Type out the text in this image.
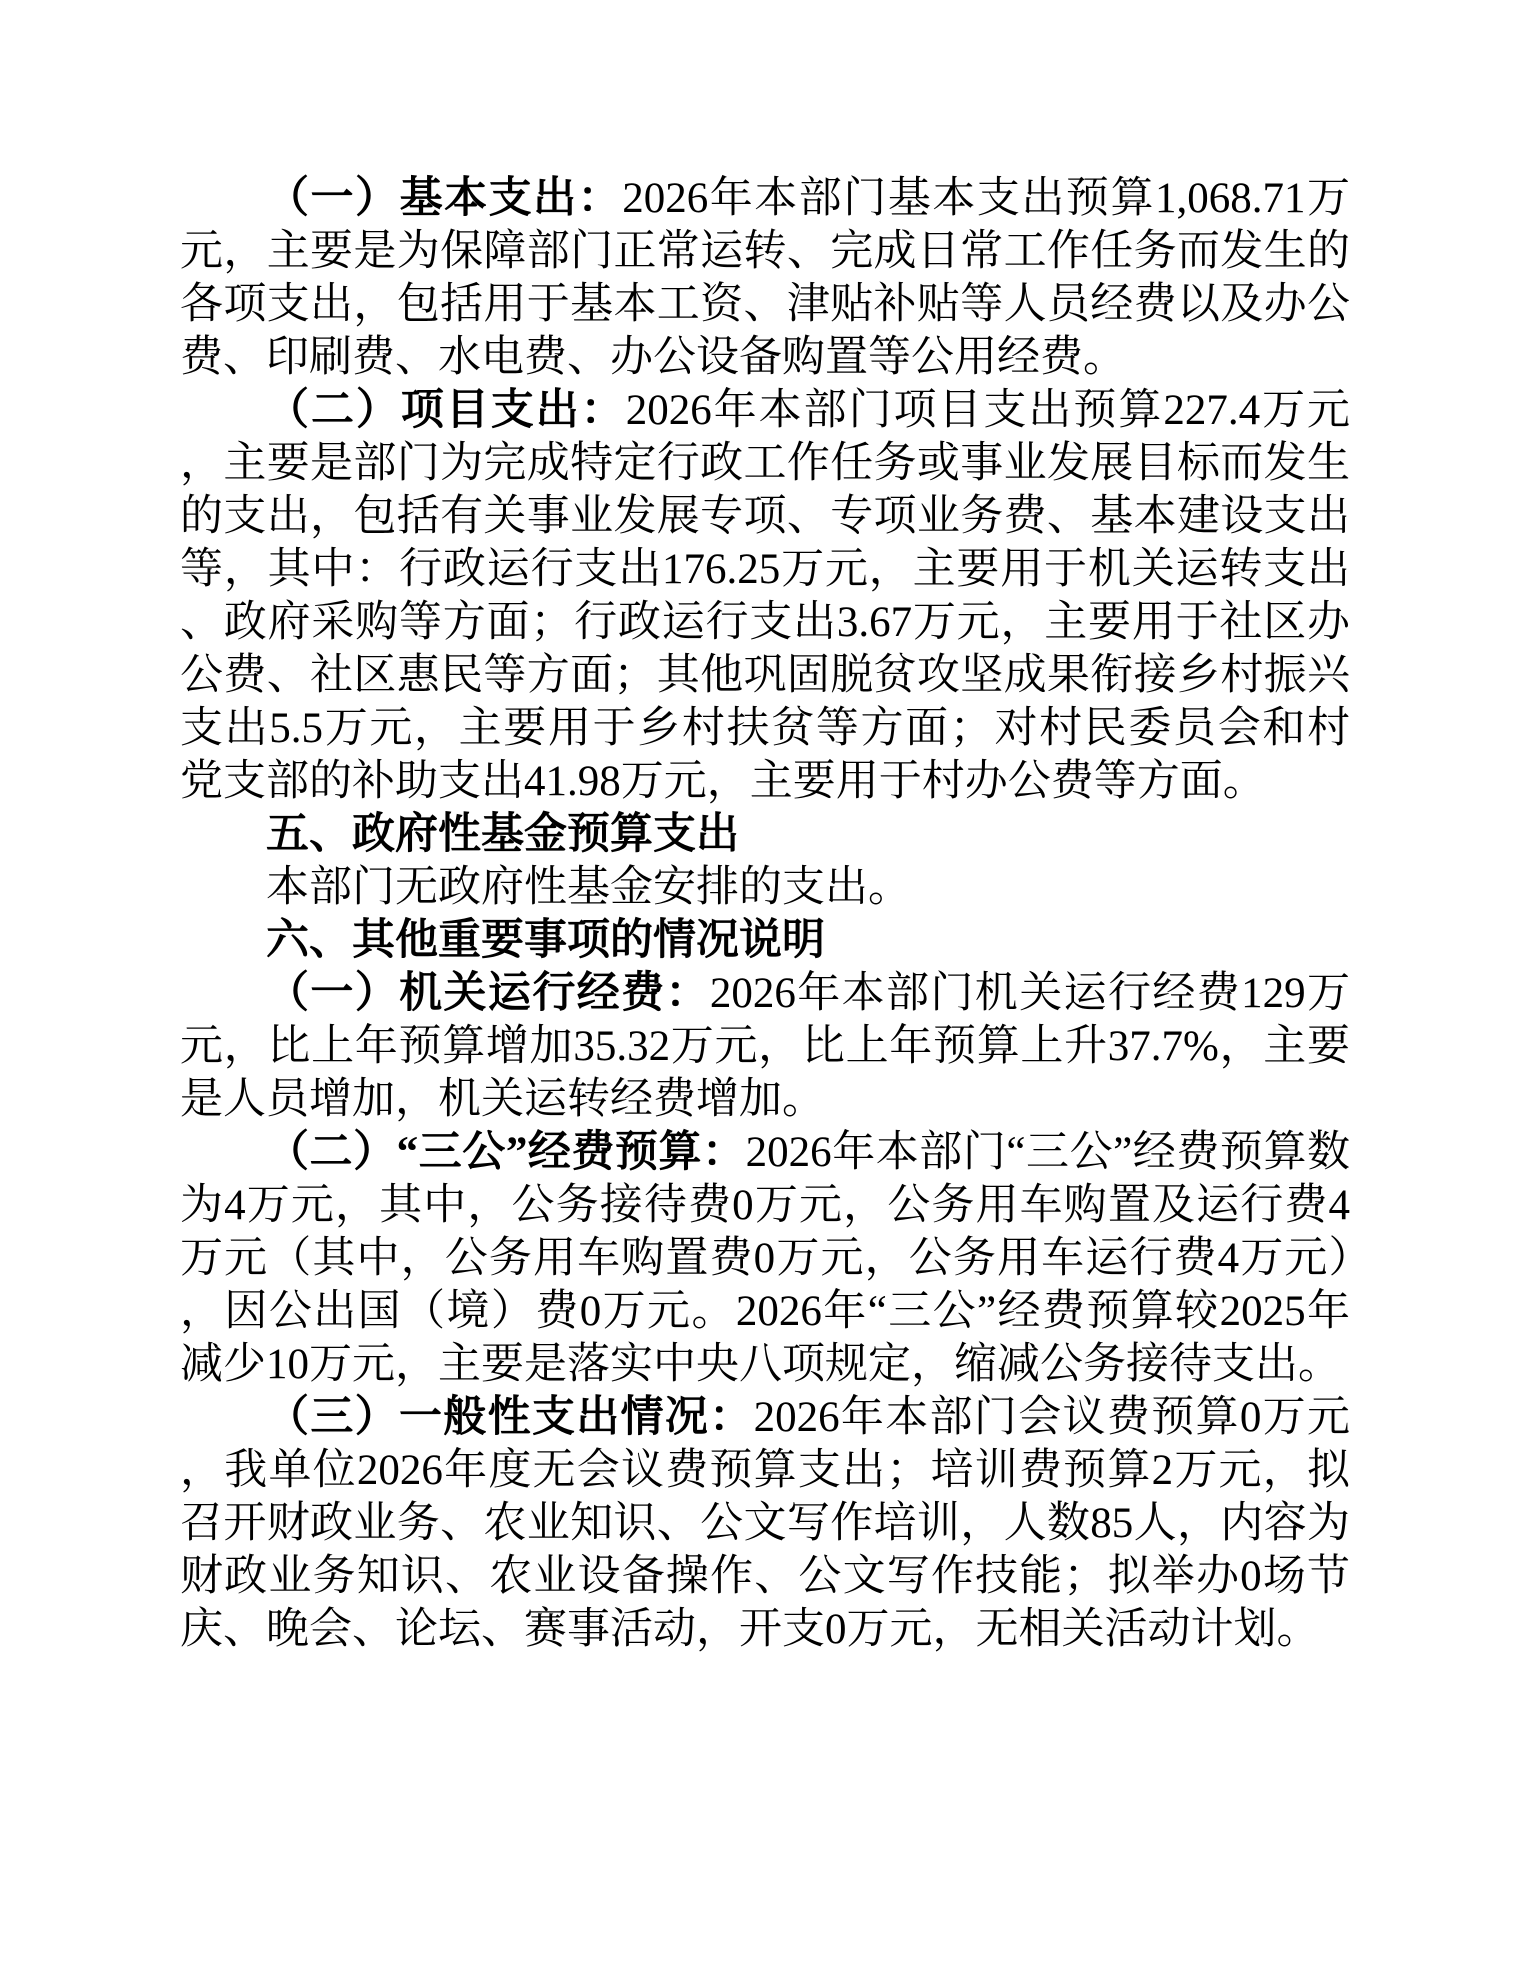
（一）基本支出：2026年本部门基本支出预算1,068.71万元，主要是为保障部门正常运转、完成日常工作任务而发生的各项支出，包括用于基本工资、津贴补贴等人员经费以及办公费、印刷费、水电费、办公设备购置等公用经费。

（二）项目支出：2026年本部门项目支出预算227.4万元，主要是部门为完成特定行政工作任务或事业发展目标而发生的支出，包括有关事业发展专项、专项业务费、基本建设支出等，其中：行政运行支出176.25万元，主要用于机关运转支出、政府采购等方面；行政运行支出3.67万元，主要用于社区办公费、社区惠民等方面；其他巩固脱贫攻坚成果衔接乡村振兴支出5.5万元，主要用于乡村扶贫等方面；对村民委员会和村党支部的补助支出41.98万元，主要用于村办公费等方面。

五、政府性基金预算支出

本部门无政府性基金安排的支出。

六、其他重要事项的情况说明

（一）机关运行经费：2026年本部门机关运行经费129万元，比上年预算增加35.32万元，比上年预算上升37.7%，主要是人员增加，机关运转经费增加。

（二）“三公”经费预算：2026年本部门“三公”经费预算数为4万元，其中，公务接待费0万元，公务用车购置及运行费4万元（其中，公务用车购置费0万元，公务用车运行费4万元），因公出国（境）费0万元。2026年“三公”经费预算较2025年减少10万元，主要是落实中央八项规定，缩减公务接待支出。

（三）一般性支出情况：2026年本部门会议费预算0万元，我单位2026年度无会议费预算支出；培训费预算2万元，拟召开财政业务、农业知识、公文写作培训，人数85人，内容为财政业务知识、农业设备操作、公文写作技能；拟举办0场节庆、晚会、论坛、赛事活动，开支0万元，无相关活动计划。
